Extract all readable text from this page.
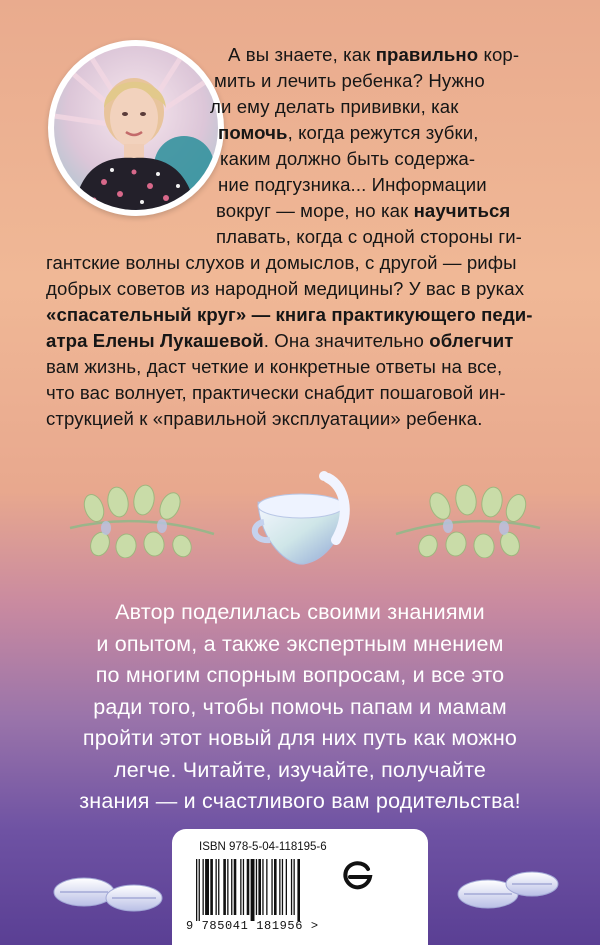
А вы знаете, как правильно кор-
мить и лечить ребенка? Нужно
ли ему делать прививки, как
помочь, когда режутся зубки,
каким должно быть содержа-
ние подгузника... Информации
вокруг — море, но как научиться
плавать, когда с одной стороны ги-
гантские волны слухов и домыслов, с другой — рифы
добрых советов из народной медицины? У вас в руках
«спасательный круг» — книга практикующего педи-
атра Елены Лукашевой. Она значительно облегчит
вам жизнь, даст четкие и конкретные ответы на все,
что вас волнует, практически снабдит пошаговой ин-
струкцией к «правильной эксплуатации» ребенка.
Автор поделилась своими знаниями
и опытом, а также экспертным мнением
по многим спорным вопросам, и все это
ради того, чтобы помочь папам и мамам
пройти этот новый для них путь как можно
легче. Читайте, изучайте, получайте
знания — и счастливого вам родительства!
ISBN 978-5-04-118195-6
9 785041 181956 >
